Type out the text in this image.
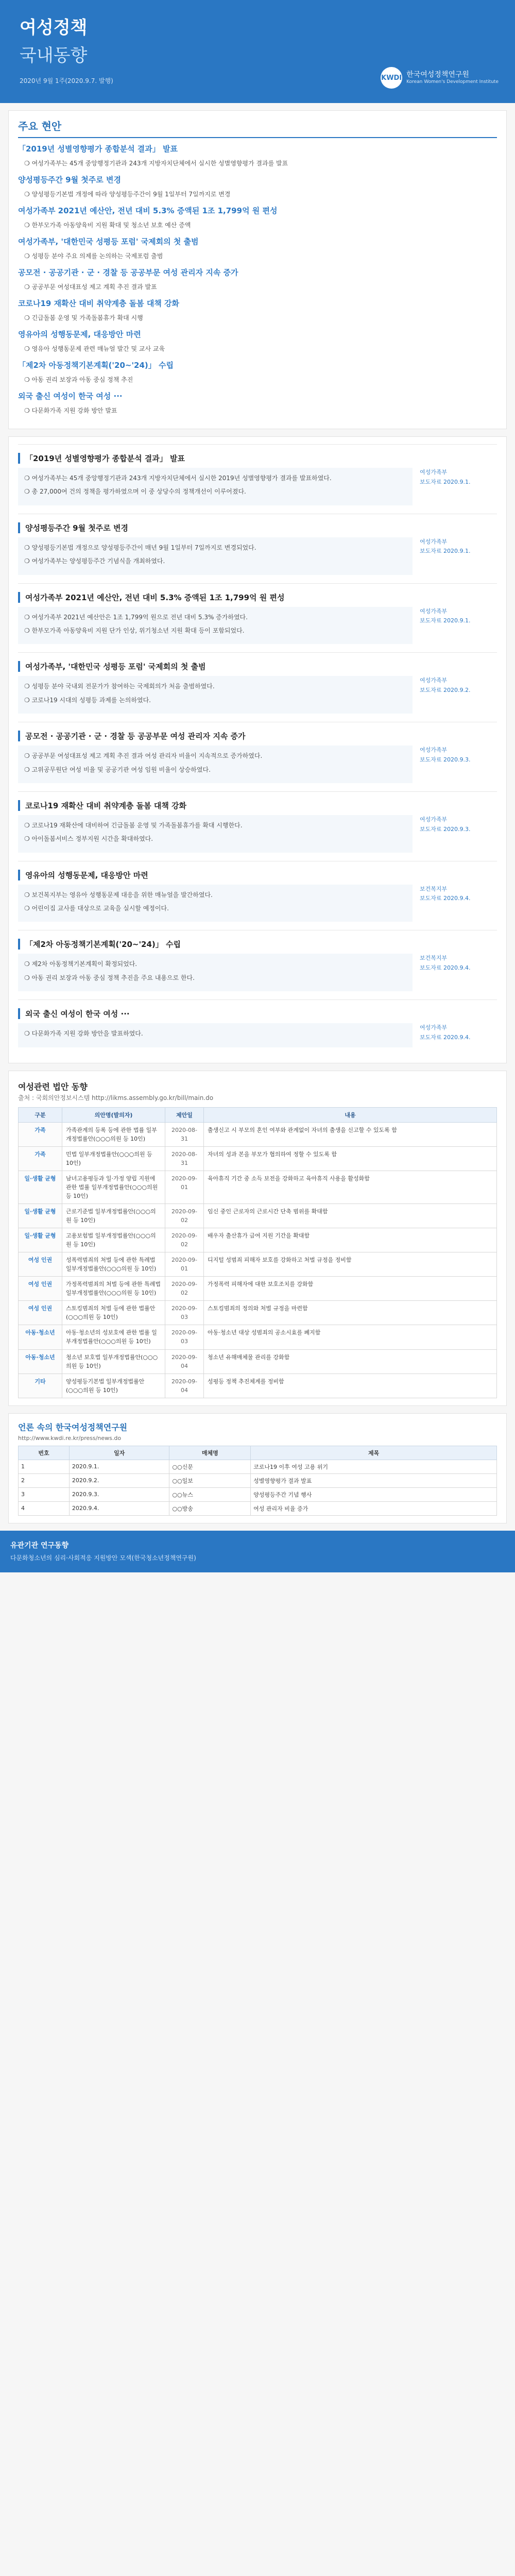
여성정책
국내동향
2020년 9월 1주(2020.9.7. 발행)	KWDI 한국여성정책연구원
Korean Women's Development Institute
주요 현안
「2019년 성별영향평가 종합분석 결과」 발표
❍ 여성가족부는 45개 중앙행정기관과 243개 지방자치단체에서 실시한 성별영향평가 결과를 발표
양성평등주간 9월 첫주로 변경
❍ 양성평등기본법 개정에 따라 양성평등주간이 9월 1일부터 7일까지로 변경
여성가족부 2021년 예산안, 전년 대비 5.3% 증액된 1조 1,799억 원 편성
❍ 한부모가족 아동양육비 지원 확대 및 청소년 보호 예산 증액
여성가족부, '대한민국 성평등 포럼' 국제회의 첫 출범
❍ 성평등 분야 주요 의제를 논의하는 국제포럼 출범
공모전 · 공공기관 · 군 · 경찰 등 공공부문 여성 관리자 지속 증가
❍ 공공부문 여성대표성 제고 계획 추진 결과 발표
코로나19 재확산 대비 취약계층 돌봄 대책 강화
❍ 긴급돌봄 운영 및 가족돌봄휴가 확대 시행
영유아의 성행동문제, 대응방안 마련
❍ 영유아 성행동문제 관련 매뉴얼 발간 및 교사 교육
「제2차 아동정책기본계획('20~'24)」 수립
❍ 아동 권리 보장과 아동 중심 정책 추진
외국 출신 여성이 한국 여성 ···
❍ 다문화가족 지원 강화 방안 발표
「2019년 성별영향평가 종합분석 결과」 발표

❍ 여성가족부는 45개 중앙행정기관과 243개 지방자치단체에서 실시한 2019년 성별영향평가 결과를 발표하였다.

❍ 총 27,000여 건의 정책을 평가하였으며 이 중 상당수의 정책개선이 이루어졌다.

여성가족부
보도자료 2020.9.1.
양성평등주간 9월 첫주로 변경

❍ 양성평등기본법 개정으로 양성평등주간이 매년 9월 1일부터 7일까지로 변경되었다.

❍ 여성가족부는 양성평등주간 기념식을 개최하였다.

여성가족부
보도자료 2020.9.1.
여성가족부 2021년 예산안, 전년 대비 5.3% 증액된 1조 1,799억 원 편성

❍ 여성가족부 2021년 예산안은 1조 1,799억 원으로 전년 대비 5.3% 증가하였다.

❍ 한부모가족 아동양육비 지원 단가 인상, 위기청소년 지원 확대 등이 포함되었다.

여성가족부
보도자료 2020.9.1.
여성가족부, '대한민국 성평등 포럼' 국제회의 첫 출범

❍ 성평등 분야 국내외 전문가가 참여하는 국제회의가 처음 출범하였다.

❍ 코로나19 시대의 성평등 과제를 논의하였다.

여성가족부
보도자료 2020.9.2.
공모전 · 공공기관 · 군 · 경찰 등 공공부문 여성 관리자 지속 증가

❍ 공공부문 여성대표성 제고 계획 추진 결과 여성 관리자 비율이 지속적으로 증가하였다.

❍ 고위공무원단 여성 비율 및 공공기관 여성 임원 비율이 상승하였다.

여성가족부
보도자료 2020.9.3.
코로나19 재확산 대비 취약계층 돌봄 대책 강화

❍ 코로나19 재확산에 대비하여 긴급돌봄 운영 및 가족돌봄휴가를 확대 시행한다.

❍ 아이돌봄서비스 정부지원 시간을 확대하였다.

여성가족부
보도자료 2020.9.3.
영유아의 성행동문제, 대응방안 마련

❍ 보건복지부는 영유아 성행동문제 대응을 위한 매뉴얼을 발간하였다.

❍ 어린이집 교사를 대상으로 교육을 실시할 예정이다.

보건복지부
보도자료 2020.9.4.
「제2차 아동정책기본계획('20~'24)」 수립

❍ 제2차 아동정책기본계획이 확정되었다.

❍ 아동 권리 보장과 아동 중심 정책 추진을 주요 내용으로 한다.

보건복지부
보도자료 2020.9.4.
외국 출신 여성이 한국 여성 ···

❍ 다문화가족 지원 강화 방안을 발표하였다.

여성가족부
보도자료 2020.9.4.
여성관련 법안 동향
출처 : 국회의안정보시스템 http://likms.assembly.go.kr/bill/main.do
구분	의안명(발의자)	제안일	내용
가족	가족관계의 등록 등에 관한 법률 일부개정법률안(○○○의원 등 10인)	2020-08-31	출생신고 시 부모의 혼인 여부와 관계없이 자녀의 출생을 신고할 수 있도록 함
가족	민법 일부개정법률안(○○○의원 등 10인)	2020-08-31	자녀의 성과 본을 부모가 협의하여 정할 수 있도록 함
일·생활 균형	남녀고용평등과 일·가정 양립 지원에 관한 법률 일부개정법률안(○○○의원 등 10인)	2020-09-01	육아휴직 기간 중 소득 보전을 강화하고 육아휴직 사용을 활성화함
일·생활 균형	근로기준법 일부개정법률안(○○○의원 등 10인)	2020-09-02	임신 중인 근로자의 근로시간 단축 범위를 확대함
일·생활 균형	고용보험법 일부개정법률안(○○○의원 등 10인)	2020-09-02	배우자 출산휴가 급여 지원 기간을 확대함
여성 인권	성폭력범죄의 처벌 등에 관한 특례법 일부개정법률안(○○○의원 등 10인)	2020-09-01	디지털 성범죄 피해자 보호를 강화하고 처벌 규정을 정비함
여성 인권	가정폭력범죄의 처벌 등에 관한 특례법 일부개정법률안(○○○의원 등 10인)	2020-09-02	가정폭력 피해자에 대한 보호조치를 강화함
여성 인권	스토킹범죄의 처벌 등에 관한 법률안(○○○의원 등 10인)	2020-09-03	스토킹범죄의 정의와 처벌 규정을 마련함
아동·청소년	아동·청소년의 성보호에 관한 법률 일부개정법률안(○○○의원 등 10인)	2020-09-03	아동·청소년 대상 성범죄의 공소시효를 폐지함
아동·청소년	청소년 보호법 일부개정법률안(○○○의원 등 10인)	2020-09-04	청소년 유해매체물 관리를 강화함
기타	양성평등기본법 일부개정법률안(○○○의원 등 10인)	2020-09-04	성평등 정책 추진체계를 정비함
언론 속의 한국여성정책연구원
http://www.kwdi.re.kr/press/news.do
번호	일자	매체명	제목
1	2020.9.1.	○○신문	코로나19 이후 여성 고용 위기
2	2020.9.2.	○○일보	성별영향평가 결과 발표
3	2020.9.3.	○○뉴스	양성평등주간 기념 행사
4	2020.9.4.	○○방송	여성 관리자 비율 증가
유관기관 연구동향
다문화청소년의 심리·사회적응 지원방안 모색(한국청소년정책연구원)
